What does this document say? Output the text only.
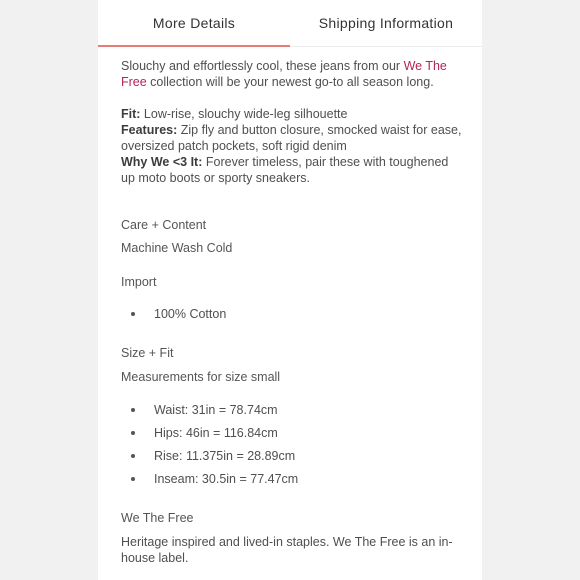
More Details	Shipping Information

Slouchy and effortlessly cool, these jeans from our We The Free collection will be your newest go-to all season long.

Fit: Low-rise, slouchy wide-leg silhouette

Features: Zip fly and button closure, smocked waist for ease, oversized patch pockets, soft rigid denim

Why We <3 It: Forever timeless, pair these with toughened up moto boots or sporty sneakers.

Care + Content
Machine Wash Cold
Import
100% Cotton
Size + Fit
Measurements for size small
Waist: 31in = 78.74cm
Hips: 46in = 116.84cm
Rise: 11.375in = 28.89cm
Inseam: 30.5in = 77.47cm
We The Free
Heritage inspired and lived-in staples. We The Free is an in-house label.
